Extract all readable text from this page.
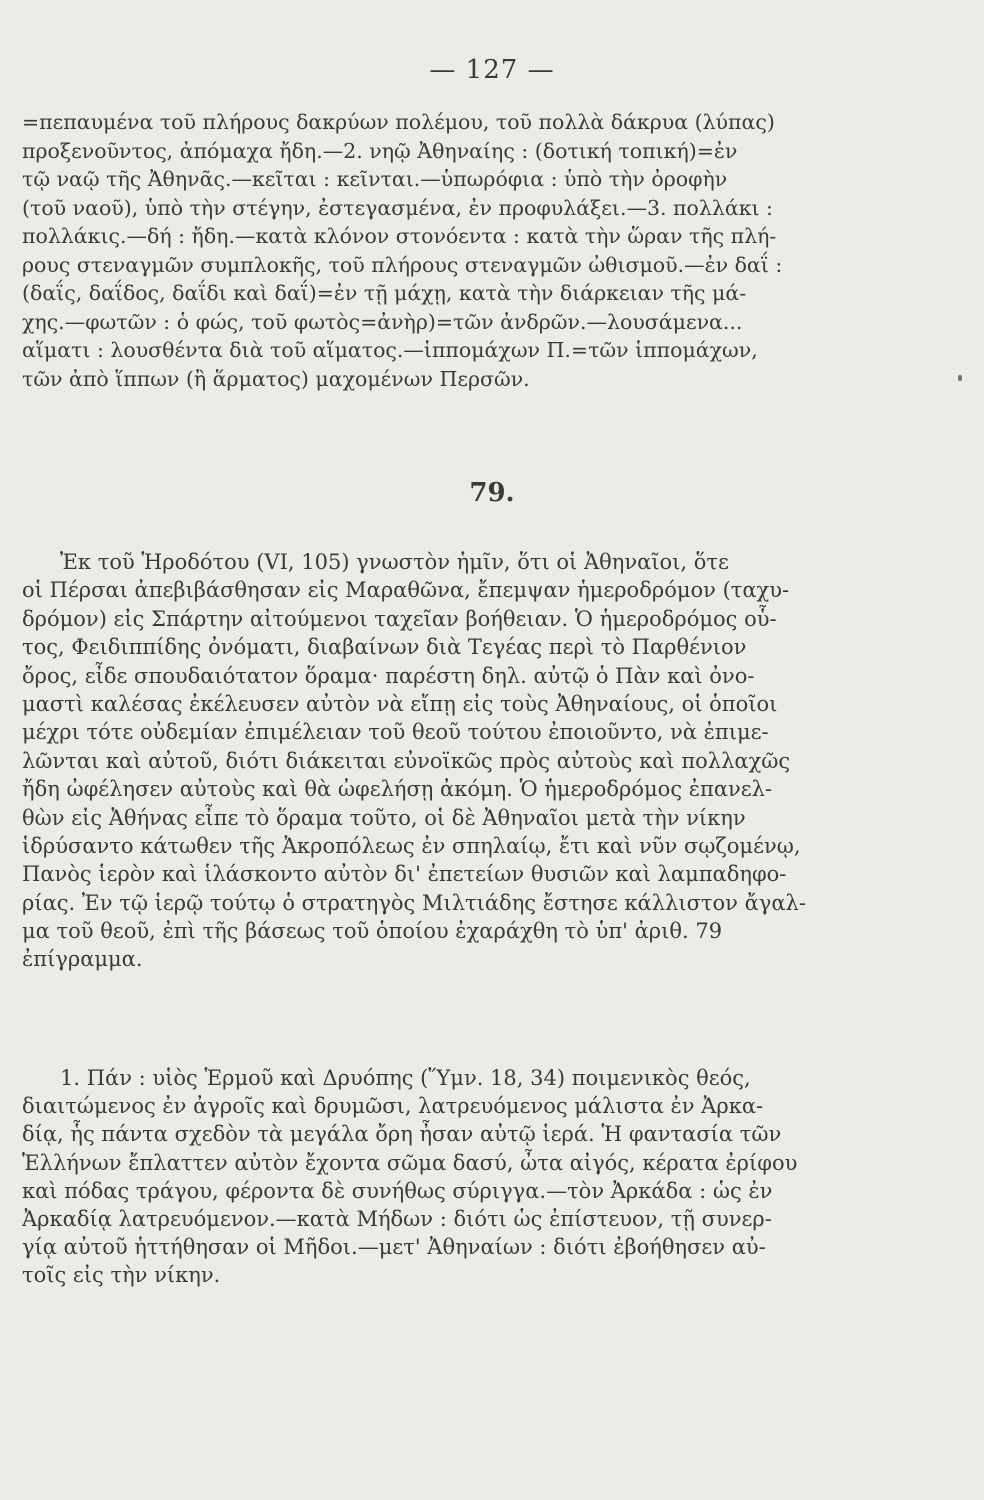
— 127 —
=πεπαυμένα τοῦ πλήρους δακρύων πολέμου, τοῦ πολλὰ δάκρυα (λύπας)
προξενοῦντος, ἀπόμαχα ἤδη.—2. νηῷ Ἀθηναίης : (δοτική τοπική)=ἐν
τῷ ναῷ τῆς Ἀθηνᾶς.—κεῖται : κεῖνται.—ὑπωρόφια : ὑπὸ τὴν ὀροφὴν
(τοῦ ναοῦ), ὑπὸ τὴν στέγην, ἐστεγασμένα, ἐν προφυλάξει.—3. πολλάκι :
πολλάκις.—δή : ἤδη.—κατὰ κλόνον στονόεντα : κατὰ τὴν ὥραν τῆς πλή-
ρους στεναγμῶν συμπλοκῆς, τοῦ πλήρους στεναγμῶν ὠθισμοῦ.—ἐν δαΐ :
(δαΐς, δαΐδος, δαΐδι καὶ δαΐ)=ἐν τῇ μάχῃ, κατὰ τὴν διάρκειαν τῆς μά-
χης.—φωτῶν : ὁ φώς, τοῦ φωτὸς=ἀνὴρ)=τῶν ἀνδρῶν.—λουσάμενα...
αἵματι : λουσθέντα διὰ τοῦ αἵματος.—ἱππομάχων Π.=τῶν ἱππομάχων,
τῶν ἀπὸ ἵππων (ἢ ἅρματος) μαχομένων Περσῶν.
79.
Ἐκ τοῦ Ἡροδότου (VI, 105) γνωστὸν ἡμῖν, ὅτι οἱ Ἀθηναῖοι, ὅτε
οἱ Πέρσαι ἀπεβιβάσθησαν εἰς Μαραθῶνα, ἔπεμψαν ἡμεροδρόμον (ταχυ-
δρόμον) εἰς Σπάρτην αἰτούμενοι ταχεῖαν βοήθειαν. Ὁ ἡμεροδρόμος οὗ-
τος, Φειδιππίδης ὀνόματι, διαβαίνων διὰ Τεγέας περὶ τὸ Παρθένιον
ὄρος, εἶδε σπουδαιότατον ὅραμα· παρέστη δηλ. αὐτῷ ὁ Πὰν καὶ ὀνο-
μαστὶ καλέσας ἐκέλευσεν αὐτὸν νὰ εἴπῃ εἰς τοὺς Ἀθηναίους, οἱ ὁποῖοι
μέχρι τότε οὐδεμίαν ἐπιμέλειαν τοῦ θεοῦ τούτου ἐποιοῦντο, νὰ ἐπιμε-
λῶνται καὶ αὐτοῦ, διότι διάκειται εὐνοϊκῶς πρὸς αὐτοὺς καὶ πολλαχῶς
ἤδη ὠφέλησεν αὐτοὺς καὶ θὰ ὠφελήσῃ ἀκόμη. Ὁ ἡμεροδρόμος ἐπανελ-
θὼν εἰς Ἀθήνας εἶπε τὸ ὅραμα τοῦτο, οἱ δὲ Ἀθηναῖοι μετὰ τὴν νίκην
ἱδρύσαντο κάτωθεν τῆς Ἀκροπόλεως ἐν σπηλαίῳ, ἔτι καὶ νῦν σῳζομένῳ,
Πανὸς ἱερὸν καὶ ἱλάσκοντο αὐτὸν δι' ἐπετείων θυσιῶν καὶ λαμπαδηφο-
ρίας. Ἐν τῷ ἱερῷ τούτῳ ὁ στρατηγὸς Μιλτιάδης ἔστησε κάλλιστον ἄγαλ-
μα τοῦ θεοῦ, ἐπὶ τῆς βάσεως τοῦ ὁποίου ἐχαράχθη τὸ ὑπ' ἀριθ. 79
ἐπίγραμμα.
1. Πάν : υἱὸς Ἑρμοῦ καὶ Δρυόπης (Ὕμν. 18, 34) ποιμενικὸς θεός,
διαιτώμενος ἐν ἀγροῖς καὶ δρυμῶσι, λατρευόμενος μάλιστα ἐν Ἀρκα-
δίᾳ, ἧς πάντα σχεδὸν τὰ μεγάλα ὄρη ἦσαν αὐτῷ ἱερά. Ἡ φαντασία τῶν
Ἑλλήνων ἔπλαττεν αὐτὸν ἔχοντα σῶμα δασύ, ὦτα αἰγός, κέρατα ἐρίφου
καὶ πόδας τράγου, φέροντα δὲ συνήθως σύριγγα.—τὸν Ἀρκάδα : ὡς ἐν
Ἀρκαδίᾳ λατρευόμενον.—κατὰ Μήδων : διότι ὡς ἐπίστευον, τῇ συνερ-
γίᾳ αὐτοῦ ἡττήθησαν οἱ Μῆδοι.—μετ' Ἀθηναίων : διότι ἐβοήθησεν αὐ-
τοῖς εἰς τὴν νίκην.
